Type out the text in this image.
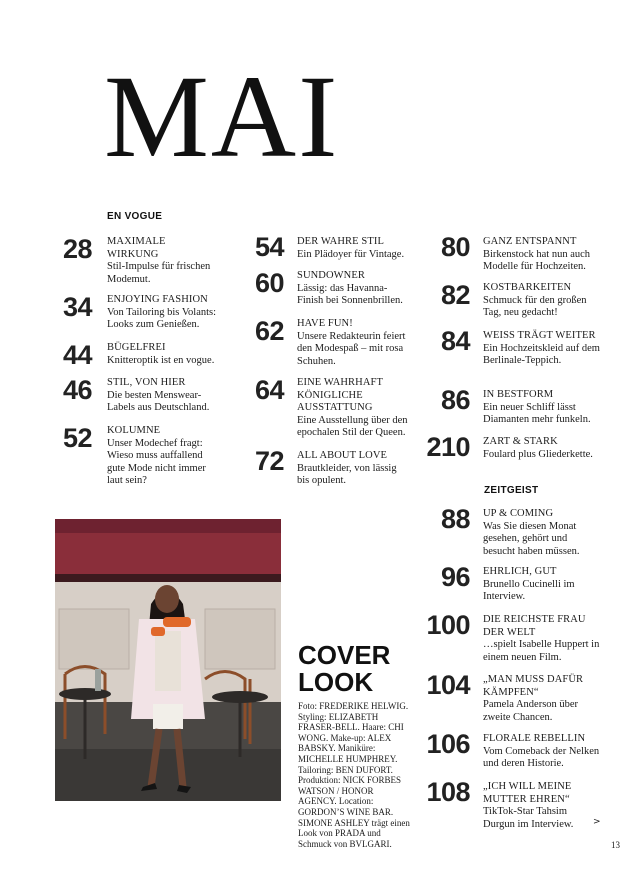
MAI
EN VOGUE
ZEITGEIST
28 MAXIMALE WIRKUNG
Stil-Impulse für frischen Modemut.
34 ENJOYING FASHION
Von Tailoring bis Volants: Looks zum Genießen.
44 BÜGELFREI
Knitteroptik ist en vogue.
46 STIL, VON HIER
Die besten Menswear-Labels aus Deutschland.
52 KOLUMNE
Unser Modechef fragt: Wieso muss auffallend gute Mode nicht immer laut sein?
54 DER WAHRE STIL
Ein Plädoyer für Vintage.
60 SUNDOWNER
Lässig: das Havanna-Finish bei Sonnenbrillen.
62 HAVE FUN!
Unsere Redakteurin feiert den Modespaß – mit rosa Schuhen.
64 EINE WAHRHAFT KÖNIGLICHE AUSSTATTUNG
Eine Ausstellung über den epochalen Stil der Queen.
72 ALL ABOUT LOVE
Brautkleider, von lässig bis opulent.
80 GANZ ENTSPANNT
Birkenstock hat nun auch Modelle für Hochzeiten.
82 KOSTBARKEITEN
Schmuck für den großen Tag, neu gedacht!
84 WEISS TRÄGT WEITER
Ein Hochzeitskleid auf dem Berlinale-Teppich.
86 IN BESTFORM
Ein neuer Schliff lässt Diamanten mehr funkeln.
210 ZART & STARK
Foulard plus Gliederkette.
88 UP & COMING
Was Sie diesen Monat gesehen, gehört und besucht haben müssen.
96 EHRLICH, GUT
Brunello Cucinelli im Interview.
100 DIE REICHSTE FRAU DER WELT
…spielt Isabelle Huppert in einem neuen Film.
104 „MAN MUSS DAFÜR KÄMPFEN“
Pamela Anderson über zweite Chancen.
106 FLORALE REBELLIN
Vom Comeback der Nelken und deren Historie.
108 „ICH WILL MEINE MUTTER EHREN“
TikTok-Star Tahsim Durgun im Interview.
COVER LOOK
Foto: FREDERIKE HELWIG. Styling: ELIZABETH FRASER-BELL. Haare: CHI WONG. Make-up: ALEX BABSKY. Maniküre: MICHELLE HUMPHREY. Tailoring: BEN DUFORT. Produktion: NICK FORBES WATSON / HONOR AGENCY. Location: GORDON’S WINE BAR. SIMONE ASHLEY trägt einen Look von PRADA und Schmuck von BVLGARI.
>
13
